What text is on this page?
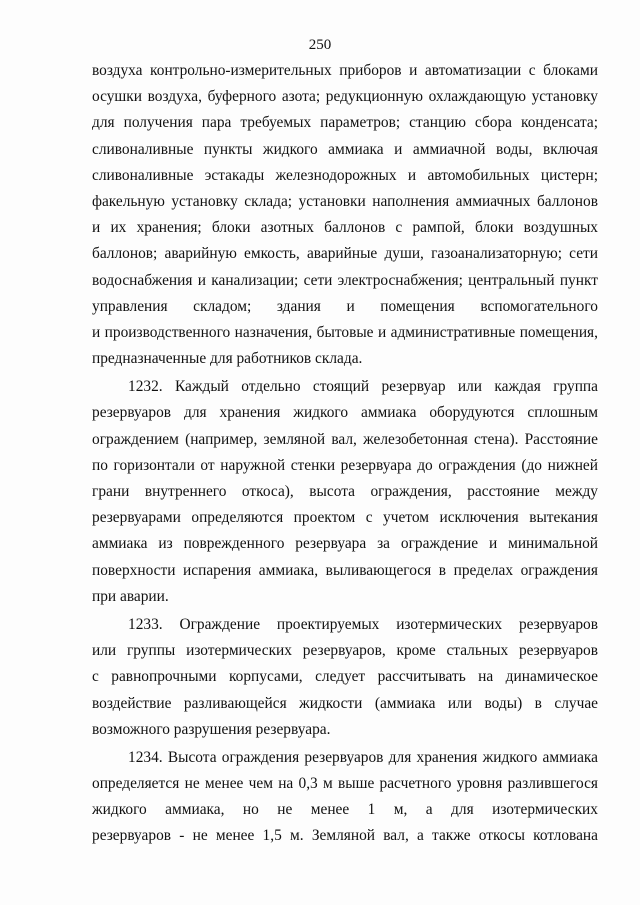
250
воздуха контрольно-измерительных приборов и автоматизации с блоками
осушки воздуха, буферного азота; редукционную охлаждающую установку
для получения пара требуемых параметров; станцию сбора конденсата;
сливоналивные пункты жидкого аммиака и аммиачной воды, включая
сливоналивные эстакады железнодорожных и автомобильных цистерн;
факельную установку склада; установки наполнения аммиачных баллонов
и их хранения; блоки азотных баллонов с рампой, блоки воздушных
баллонов; аварийную емкость, аварийные души, газоанализаторную; сети
водоснабжения и канализации; сети электроснабжения; центральный пункт
управления складом; здания и помещения вспомогательного
и производственного назначения, бытовые и административные помещения,
предназначенные для работников склада.
1232. Каждый отдельно стоящий резервуар или каждая группа
резервуаров для хранения жидкого аммиака оборудуются сплошным
ограждением (например, земляной вал, железобетонная стена). Расстояние
по горизонтали от наружной стенки резервуара до ограждения (до нижней
грани внутреннего откоса), высота ограждения, расстояние между
резервуарами определяются проектом с учетом исключения вытекания
аммиака из поврежденного резервуара за ограждение и минимальной
поверхности испарения аммиака, выливающегося в пределах ограждения
при аварии.
1233. Ограждение проектируемых изотермических резервуаров
или группы изотермических резервуаров, кроме стальных резервуаров
с равнопрочными корпусами, следует рассчитывать на динамическое
воздействие разливающейся жидкости (аммиака или воды) в случае
возможного разрушения резервуара.
1234. Высота ограждения резервуаров для хранения жидкого аммиака
определяется не менее чем на 0,3 м выше расчетного уровня разлившегося
жидкого аммиака, но не менее 1 м, а для изотермических
резервуаров - не менее 1,5 м. Земляной вал, а также откосы котлована
